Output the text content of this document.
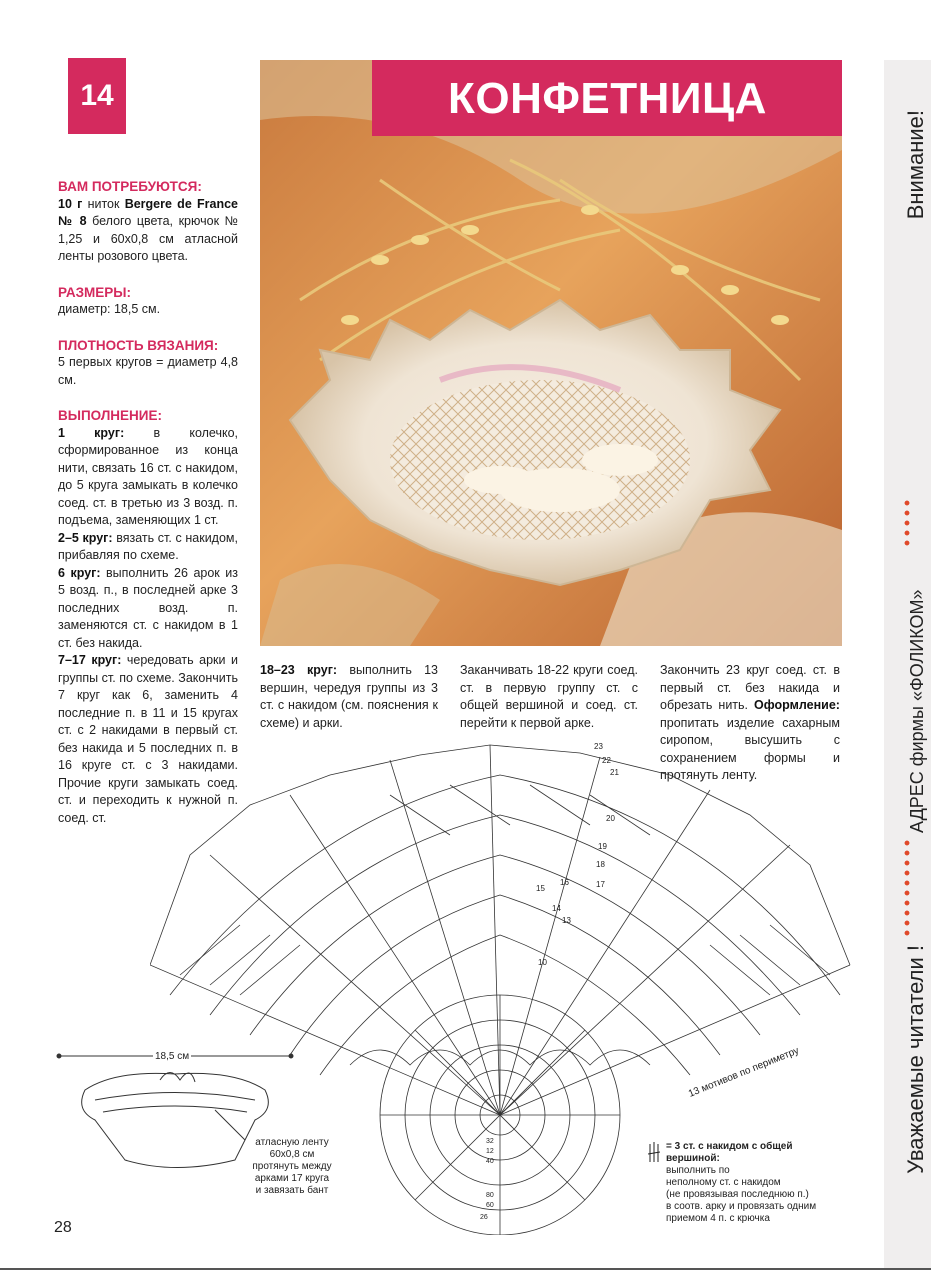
14	КОНФЕТНИЦА
ВАМ ПОТРЕБУЮТСЯ:

10 г ниток Bergere de France № 8 белого цвета, крючок № 1,25 и 60х0,8 см атласной ленты розового цвета.

РАЗМЕРЫ:

диаметр: 18,5 см.

ПЛОТНОСТЬ ВЯЗАНИЯ:

5 первых кругов = диаметр 4,8 см.

ВЫПОЛНЕНИЕ:

1 круг: в колечко, сформированное из конца нити, связать 16 ст. с накидом, до 5 круга замыкать в колечко соед. ст. в третью из 3 возд. п. подъема, заменяющих 1 ст.

2–5 круг: вязать ст. с накидом, прибавляя по схеме.

6 круг: выполнить 26 арок из 5 возд. п., в последней арке 3 последних возд. п. заменяются ст. с накидом в 1 ст. без накида.

7–17 круг: чередовать арки и группы ст. по схеме. Закончить 7 круг как 6, заменить 4 последние п. в 11 и 15 кругах ст. с 2 накидами в первый ст. без накида и 5 последних п. в 16 круге ст. с 3 накидами. Прочие круги замыкать соед. ст. и переходить к нужной п. соед. ст.

18–23 круг: выполнить 13 вершин, чередуя группы из 3 ст. с накидом (см. пояснения к схеме) и арки.
Заканчивать 18-22 круги соед. ст. в первую группу ст. с общей вершиной и соед. ст. перейти к первой арке.
Закончить 23 круг соед. ст. в первый ст. без накида и обрезать нить. Оформление: пропитать изделие сахарным сиропом, высушить с сохранением формы и протянуть ленту.
23
22
21
20
19
18
17
16
15
14
13
10
32
12
40
80
60
26
13 мотивов по периметру
18,5 см
атласную ленту
60х0,8 см
протянуть между
арками 17 круга
и завязать бант
= 3 ст. с накидом с общей вершиной:
выполнить по
неполному ст. с накидом
(не провязывая последнюю п.)
в соотв. арку и провязать одним
приемом 4 п. с крючка
Внимание!
АДРЕС фирмы «ФОЛИКОМ»
Уважаемые читатели !
28
